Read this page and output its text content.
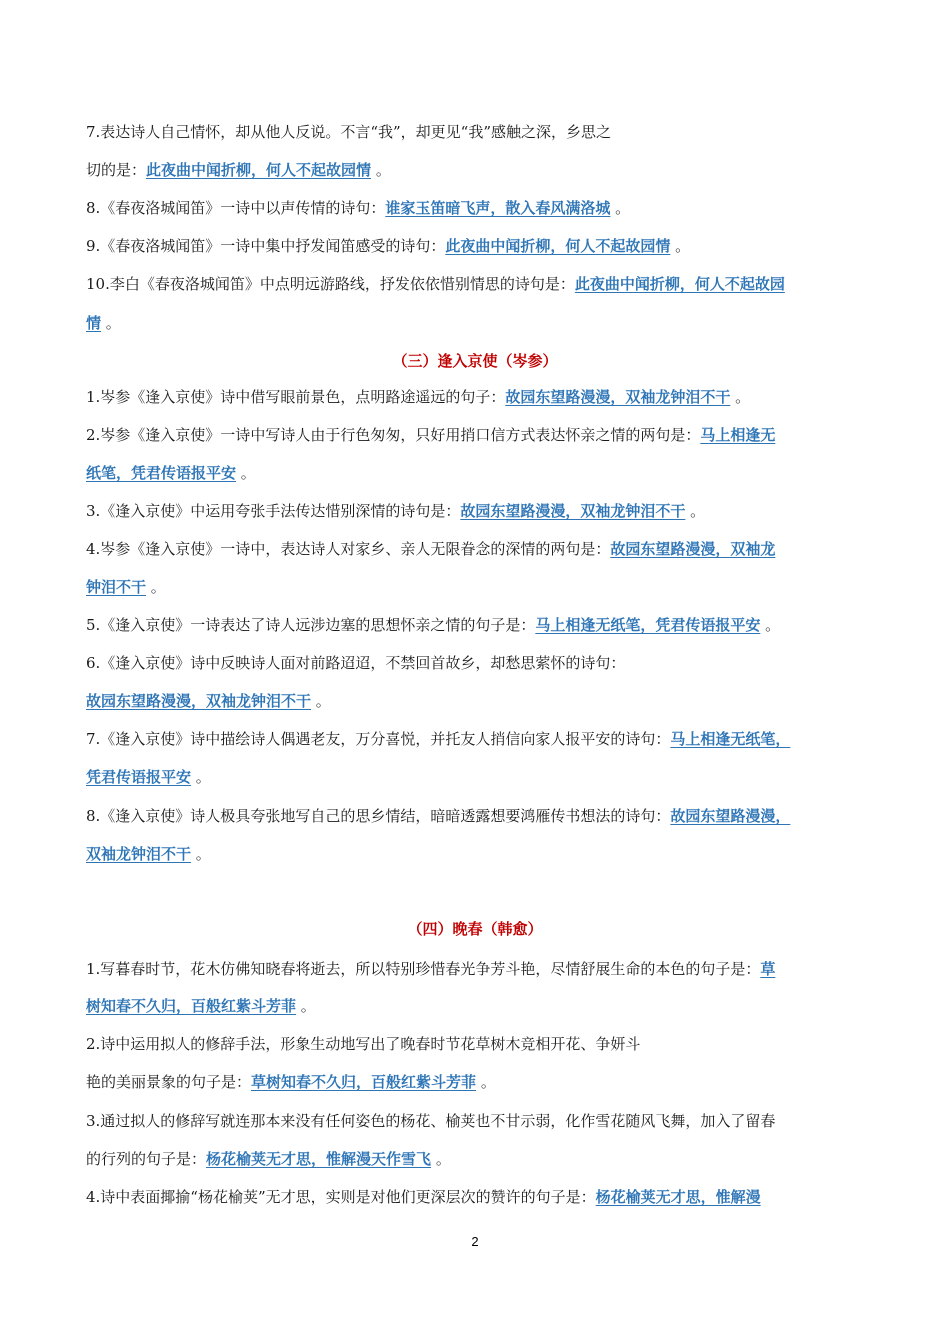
7.表达诗人自己情怀，却从他人反说。不言“我”，却更见“我”感触之深，乡思之
切的是：此夜曲中闻折柳，何人不起故园情 。
8.《春夜洛城闻笛》一诗中以声传情的诗句：谁家玉笛暗飞声，散入春风满洛城 。
9.《春夜洛城闻笛》一诗中集中抒发闻笛感受的诗句：此夜曲中闻折柳，何人不起故园情 。
10.李白《春夜洛城闻笛》中点明远游路线，抒发依依惜别情思的诗句是：此夜曲中闻折柳，何人不起故园
情 。
（三）逢入京使（岑参）
1.岑参《逢入京使》诗中借写眼前景色，点明路途遥远的句子：故园东望路漫漫，双袖龙钟泪不干 。
2.岑参《逢入京使》一诗中写诗人由于行色匆匆，只好用捎口信方式表达怀亲之情的两句是：马上相逢无
纸笔，凭君传语报平安 。
3.《逢入京使》中运用夸张手法传达惜别深情的诗句是：故园东望路漫漫，双袖龙钟泪不干 。
4.岑参《逢入京使》一诗中，表达诗人对家乡、亲人无限眷念的深情的两句是：故园东望路漫漫，双袖龙
钟泪不干 。
5.《逢入京使》一诗表达了诗人远涉边塞的思想怀亲之情的句子是：马上相逢无纸笔，凭君传语报平安 。
6.《逢入京使》诗中反映诗人面对前路迢迢，不禁回首故乡，却愁思萦怀的诗句：
故园东望路漫漫，双袖龙钟泪不干 。
7.《逢入京使》诗中描绘诗人偶遇老友，万分喜悦，并托友人捎信向家人报平安的诗句：马上相逢无纸笔，
凭君传语报平安 。
8.《逢入京使》诗人极具夸张地写自己的思乡情结，暗暗透露想要鸿雁传书想法的诗句：故园东望路漫漫，
双袖龙钟泪不干 。
（四）晚春（韩愈）
1.写暮春时节，花木仿佛知晓春将逝去，所以特别珍惜春光争芳斗艳，尽情舒展生命的本色的句子是：草
树知春不久归，百般红紫斗芳菲 。
2.诗中运用拟人的修辞手法，形象生动地写出了晚春时节花草树木竞相开花、争妍斗
艳的美丽景象的句子是：草树知春不久归，百般红紫斗芳菲 。
3.通过拟人的修辞写就连那本来没有任何姿色的杨花、榆荚也不甘示弱，化作雪花随风飞舞，加入了留春
的行列的句子是：杨花榆荚无才思，惟解漫天作雪飞 。
4.诗中表面揶揄“杨花榆荚”无才思，实则是对他们更深层次的赞许的句子是：杨花榆荚无才思，惟解漫
2
